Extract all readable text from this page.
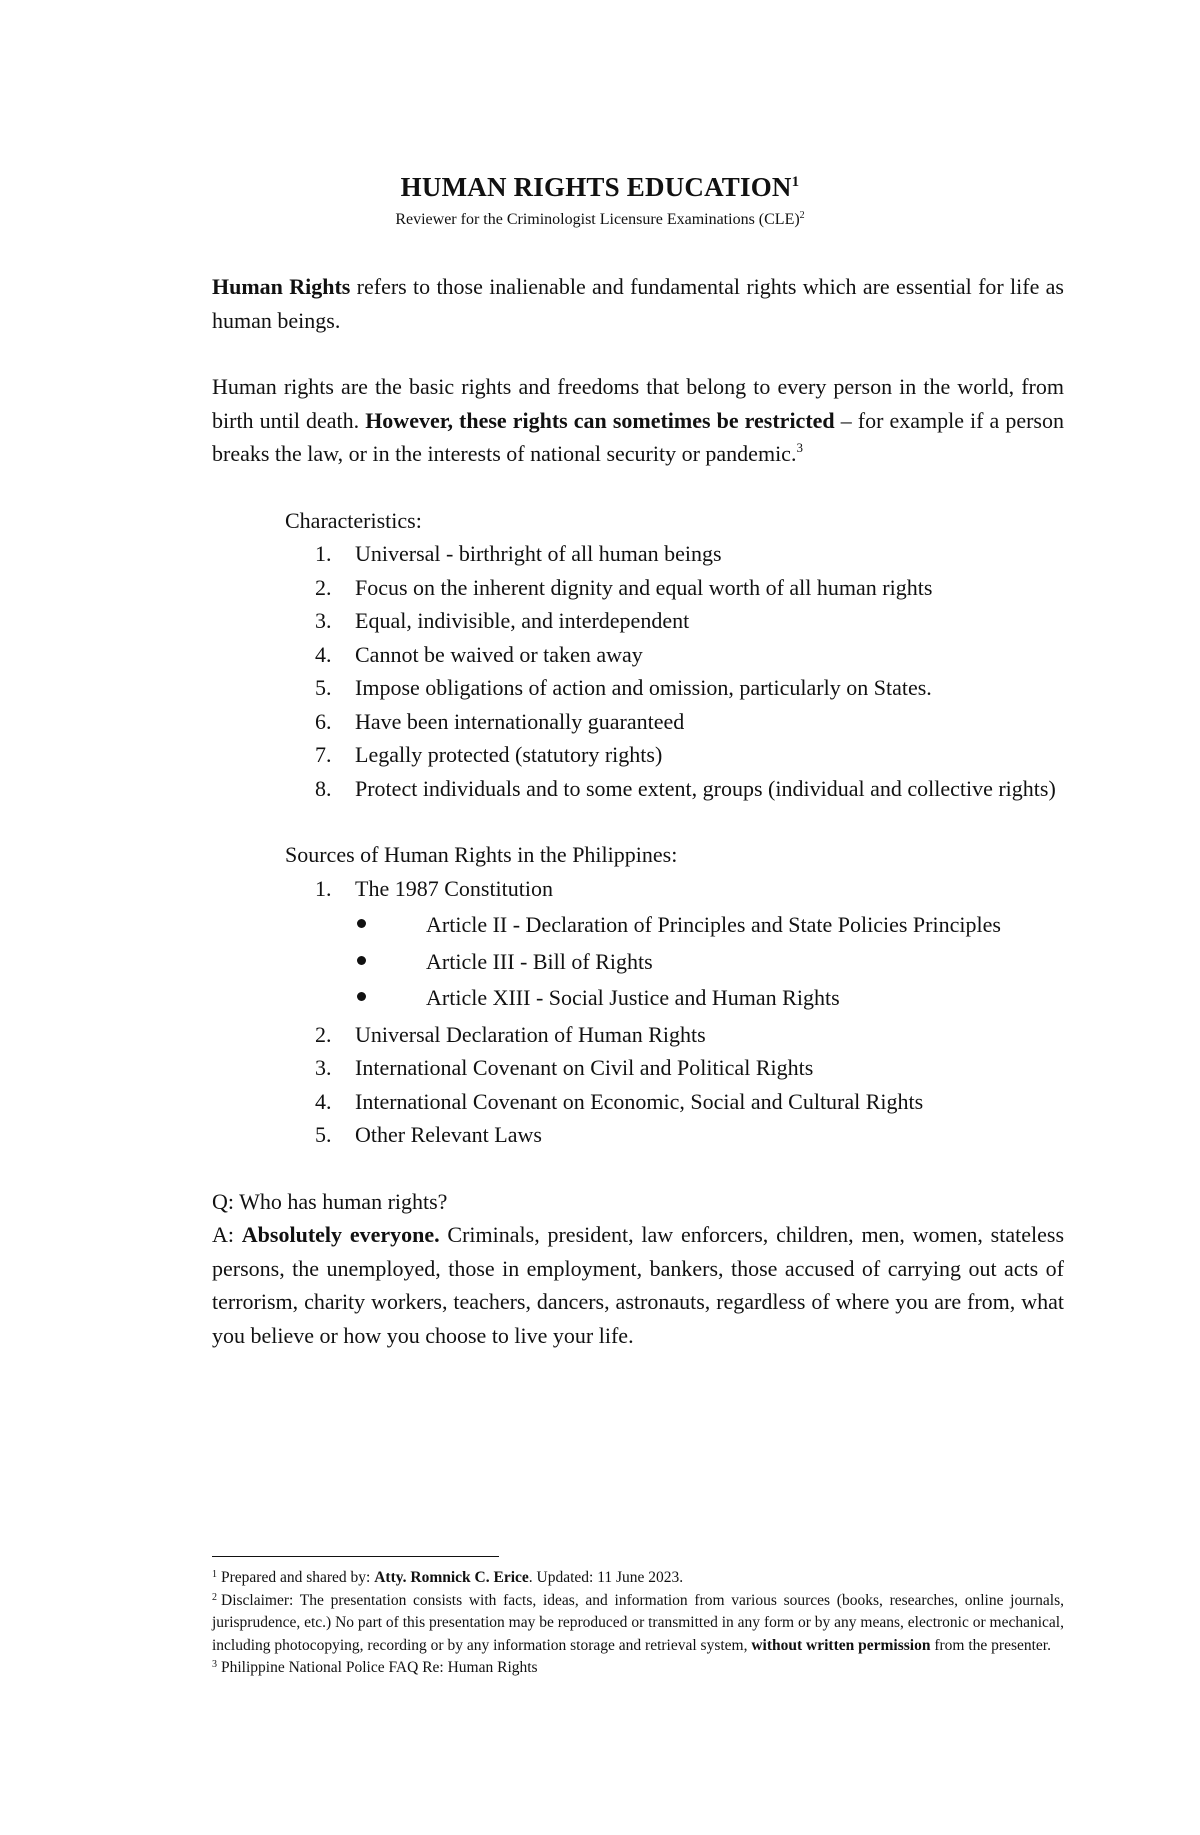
HUMAN RIGHTS EDUCATION$^1$
Reviewer for the Criminologist Licensure Examinations (CLE)$^2$

Human Rights refers to those inalienable and fundamental rights which are essential for life as human beings.

Human rights are the basic rights and freedoms that belong to every person in the world, from birth until death. However, these rights can sometimes be restricted – for example if a person breaks the law, or in the interests of national security or pandemic.$^3$

Characteristics:
1. Universal - birthright of all human beings
2. Focus on the inherent dignity and equal worth of all human rights
3. Equal, indivisible, and interdependent
4. Cannot be waived or taken away
5. Impose obligations of action and omission, particularly on States.
6. Have been internationally guaranteed
7. Legally protected (statutory rights)
8. Protect individuals and to some extent, groups (individual and collective rights)
Sources of Human Rights in the Philippines:
1. The 1987 Constitution
Article II - Declaration of Principles and State Policies Principles
Article III - Bill of Rights
Article XIII - Social Justice and Human Rights
2. Universal Declaration of Human Rights
3. International Covenant on Civil and Political Rights
4. International Covenant on Economic, Social and Cultural Rights
5. Other Relevant Laws

Q: Who has human rights?

A: Absolutely everyone. Criminals, president, law enforcers, children, men, women, stateless persons, the unemployed, those in employment, bankers, those accused of carrying out acts of terrorism, charity workers, teachers, dancers, astronauts, regardless of where you are from, what you believe or how you choose to live your life.

$^1$ Prepared and shared by: Atty. Romnick C. Erice. Updated: 11 June 2023.

$^2$ Disclaimer: The presentation consists with facts, ideas, and information from various sources (books, researches, online journals, jurisprudence, etc.) No part of this presentation may be reproduced or transmitted in any form or by any means, electronic or mechanical, including photocopying, recording or by any information storage and retrieval system, without written permission from the presenter.

$^3$ Philippine National Police FAQ Re: Human Rights
